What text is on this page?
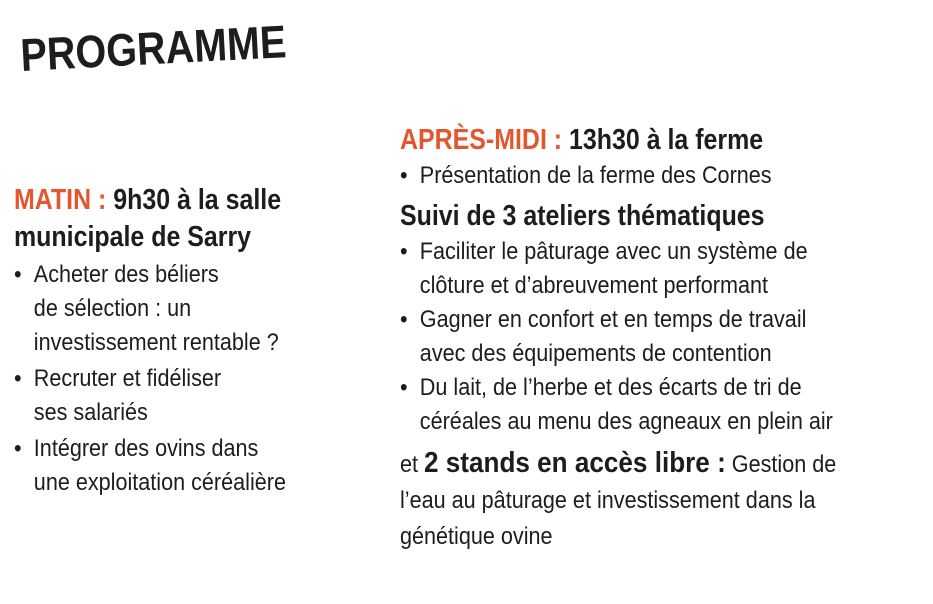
PROGRAMME
MATIN : 9h30 à la salle
municipale de Sarry
• Acheter des béliers
de sélection : un
investissement rentable ?
• Recruter et fidéliser
ses salariés
• Intégrer des ovins dans
une exploitation céréalière
APRÈS-MIDI : 13h30 à la ferme
• Présentation de la ferme des Cornes
Suivi de 3 ateliers thématiques
• Faciliter le pâturage avec un système de
clôture et d’abreuvement performant
• Gagner en confort et en temps de travail
avec des équipements de contention
• Du lait, de l’herbe et des écarts de tri de
céréales au menu des agneaux en plein air
et 2 stands en accès libre : Gestion de
l’eau au pâturage et investissement dans la
génétique ovine
